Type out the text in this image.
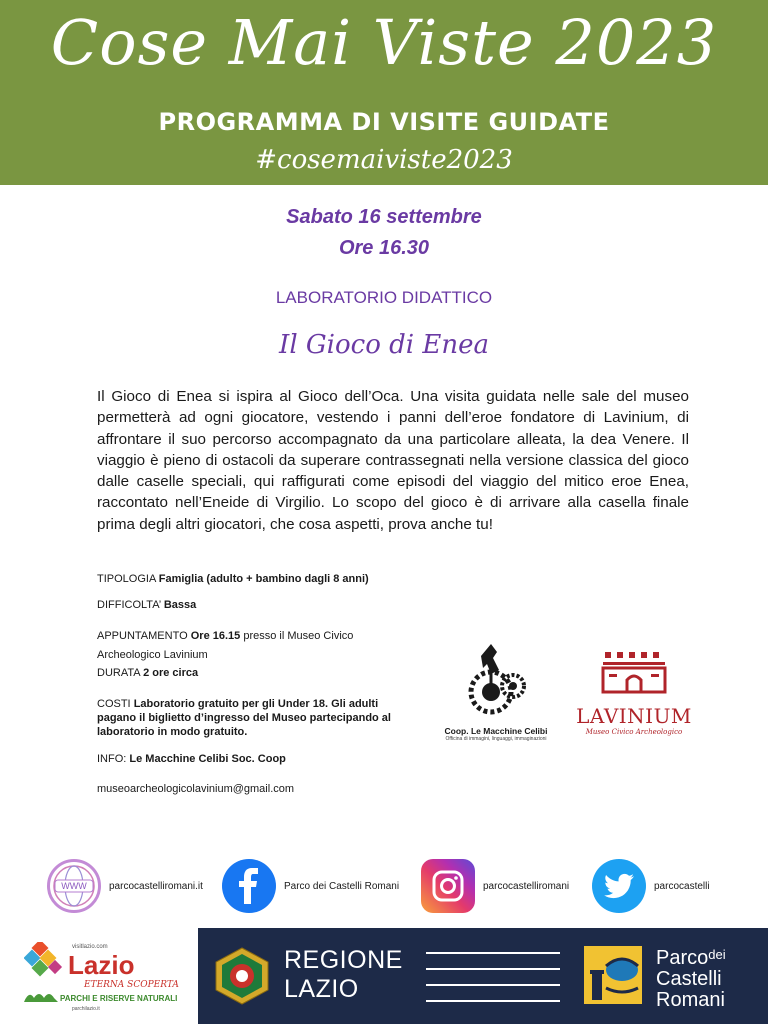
Cose Mai Viste 2023
PROGRAMMA DI VISITE GUIDATE
#cosemaiviste2023
Sabato 16 settembre
Ore 16.30
LABORATORIO DIDATTICO
Il Gioco di Enea
Il Gioco di Enea si ispira al Gioco dell’Oca. Una visita guidata nelle sale del museo permetterà ad ogni giocatore, vestendo i panni dell’eroe fondatore di Lavinium, di affrontare il suo percorso accompagnato da una particolare alleata, la dea Venere. Il viaggio è pieno di ostacoli da superare contrassegnati nella versione classica del gioco dalle caselle speciali, qui raffigurati come episodi del viaggio del mitico eroe Enea, raccontato nell’Eneide di Virgilio. Lo scopo del gioco è di arrivare alla casella finale prima degli altri giocatori, che cosa aspetti, prova anche tu!
TIPOLOGIA Famiglia (adulto + bambino dagli 8 anni)
DIFFICOLTA’ Bassa
APPUNTAMENTO Ore 16.15 presso il Museo Civico Archeologico Lavinium
DURATA 2 ore circa
COSTI Laboratorio gratuito per gli Under 18. Gli adulti pagano il biglietto d’ingresso del Museo partecipando al laboratorio in modo gratuito.
INFO: Le Macchine Celibi Soc. Coop
museoarcheologicolavinium@gmail.com
Coop. Le Macchine Celibi
Officina di immagini, linguaggi, immaginazioni
LAVINIUM
Museo Civico Archeologico
WWW parcocastelliromani.it	Parco dei Castelli Romani	parcocastelliromani	parcocastelli
visitlazio.com
Lazio
ETERNA SCOPERTA
PARCHI E RISERVE NATURALI
parchilazio.it
REGIONE
LAZIO
Parco$^{dei}$
Castelli
Romani
